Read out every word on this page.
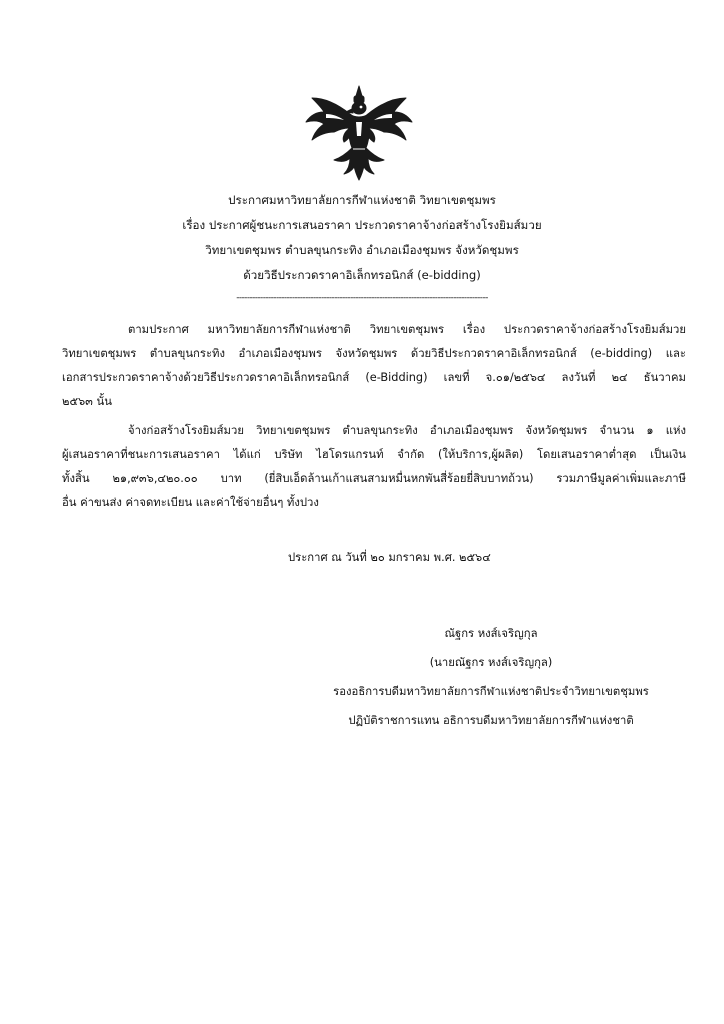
ประกาศมหาวิทยาลัยการกีฬาแห่งชาติ วิทยาเขตชุมพร
เรื่อง ประกาศผู้ชนะการเสนอราคา ประกวดราคาจ้างก่อสร้างโรงยิมส์มวย
วิทยาเขตชุมพร ตำบลขุนกระทิง อำเภอเมืองชุมพร จังหวัดชุมพร
ด้วยวิธีประกวดราคาอิเล็กทรอนิกส์ (e-bidding)
-----------------------------------------------------------------------------------------------
ตามประกาศ มหาวิทยาลัยการกีฬาแห่งชาติ วิทยาเขตชุมพร เรื่อง ประกวดราคาจ้างก่อสร้างโรงยิมส์มวย
วิทยาเขตชุมพร ตำบลขุนกระทิง อำเภอเมืองชุมพร จังหวัดชุมพร ด้วยวิธีประกวดราคาอิเล็กทรอนิกส์ (e-bidding) และ
เอกสารประกวดราคาจ้างด้วยวิธีประกวดราคาอิเล็กทรอนิกส์ (e-Bidding) เลขที่ จ.๐๑/๒๕๖๔ ลงวันที่ ๒๔ ธันวาคม
๒๕๖๓ นั้น
จ้างก่อสร้างโรงยิมส์มวย วิทยาเขตชุมพร ตำบลขุนกระทิง อำเภอเมืองชุมพร จังหวัดชุมพร จำนวน ๑ แห่ง
ผู้เสนอราคาที่ชนะการเสนอราคา ได้แก่ บริษัท ไฮโดรแกรนท์ จำกัด (ให้บริการ,ผู้ผลิต) โดยเสนอราคาต่ำสุด เป็นเงิน
ทั้งสิ้น ๒๑,๙๓๖,๔๒๐.๐๐ บาท (ยี่สิบเอ็ดล้านเก้าแสนสามหมื่นหกพันสี่ร้อยยี่สิบบาทถ้วน) รวมภาษีมูลค่าเพิ่มและภาษี
อื่น ค่าขนส่ง ค่าจดทะเบียน และค่าใช้จ่ายอื่นๆ ทั้งปวง
ประกาศ ณ วันที่ ๒๐ มกราคม พ.ศ. ๒๕๖๔
ณัฐกร หงส์เจริญกุล
(นายณัฐกร หงส์เจริญกุล)
รองอธิการบดีมหาวิทยาลัยการกีฬาแห่งชาติประจำวิทยาเขตชุมพร
ปฏิบัติราชการแทน อธิการบดีมหาวิทยาลัยการกีฬาแห่งชาติ
